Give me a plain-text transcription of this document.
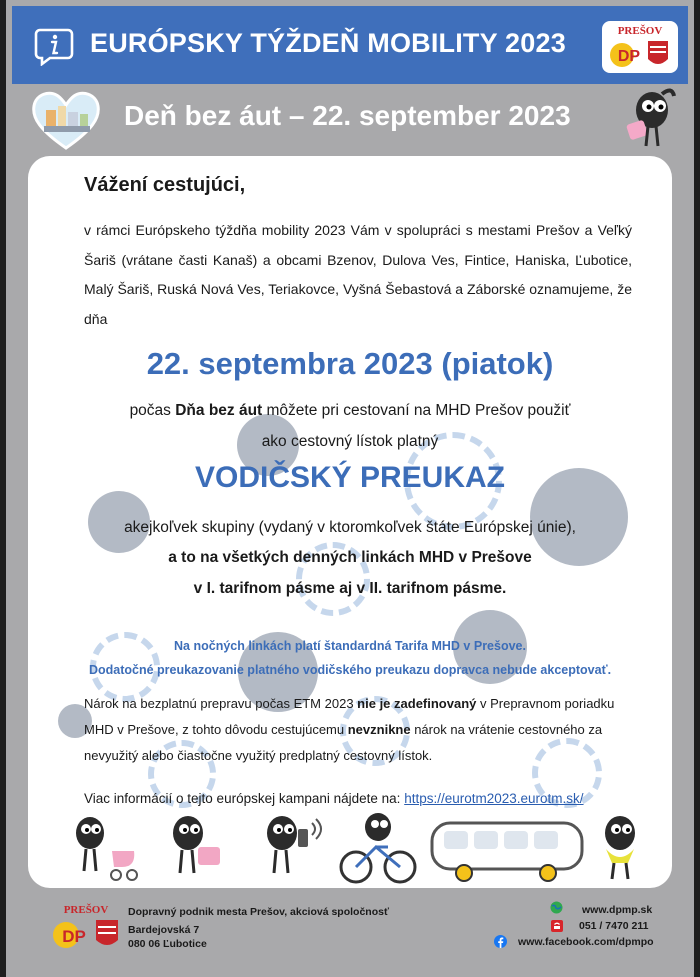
EURÓPSKY TÝŽDEŇ MOBILITY 2023	PREŠOV
DP
Deň bez áut – 22. september 2023
Vážení cestujúci,
v rámci Európskeho týždňa mobility 2023 Vám v spolupráci s mestami Prešov a Veľký Šariš (vrátane časti Kanaš) a obcami Bzenov, Dulova Ves, Fintice, Haniska, Ľubotice, Malý Šariš, Ruská Nová Ves, Teriakovce, Vyšná Šebastová a Záborské oznamujeme, že dňa
22. septembra 2023 (piatok)
počas Dňa bez áut môžete pri cestovaní na MHD Prešov použiť
ako cestovný lístok platný
VODIČSKÝ PREUKAZ
akejkoľvek skupiny (vydaný v ktoromkoľvek štáte Európskej únie),
a to na všetkých denných linkách MHD v Prešove
v I. tarifnom pásme aj v II. tarifnom pásme.
Na nočných linkách platí štandardná Tarifa MHD v Prešove.
Dodatočné preukazovanie platného vodičského preukazu dopravca nebude akceptovať.
Nárok na bezplatnú prepravu počas ETM 2023 nie je zadefinovaný v Prepravnom poriadku MHD v Prešove, z tohto dôvodu cestujúcemu nevznikne nárok na vrátenie cestovného za nevyužitý alebo čiastočne využitý predplatný cestovný lístok.
Viac informácií o tejto európskej kampani nájdete na: https://eurotm2023.eurotm.sk/
PREŠOV
DP
Dopravný podnik mesta Prešov, akciová spoločnosť
Bardejovská 7
080 06 Ľubotice
www.dpmp.sk
051 / 7470 211
www.facebook.com/dpmpo
